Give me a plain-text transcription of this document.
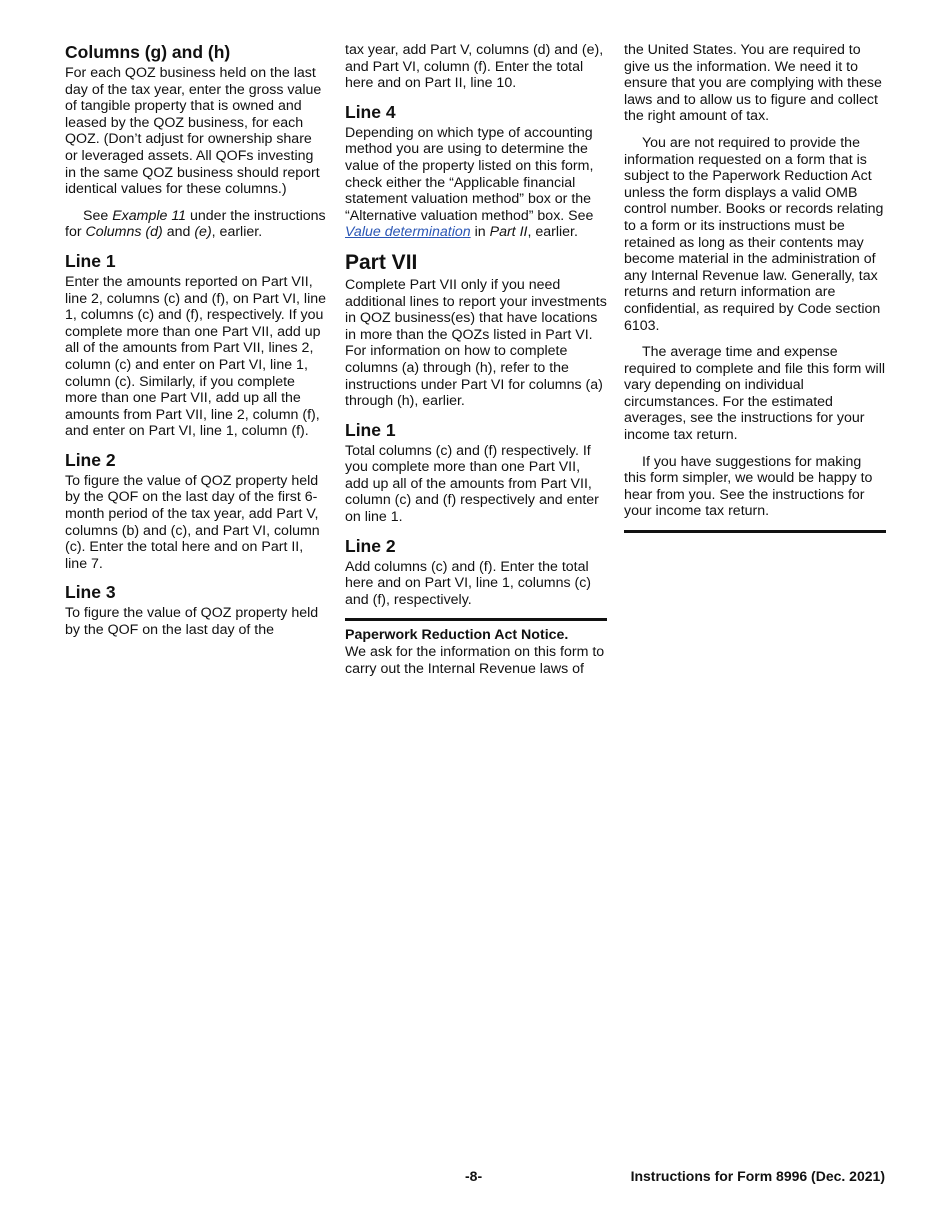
Columns (g) and (h)

For each QOZ business held on the last day of the tax year, enter the gross value of tangible property that is owned and leased by the QOZ business, for each QOZ. (Don’t adjust for ownership share or leveraged assets. All QOFs investing in the same QOZ business should report identical values for these columns.)

See Example 11 under the instructions for Columns (d) and (e), earlier.

Line 1

Enter the amounts reported on Part VII, line 2, columns (c) and (f), on Part VI, line 1, columns (c) and (f), respectively. If you complete more than one Part VII, add up all of the amounts from Part VII, lines 2, column (c) and enter on Part VI, line 1, column (c). Similarly, if you complete more than one Part VII, add up all the amounts from Part VII, line 2, column (f), and enter on Part VI, line 1, column (f).

Line 2

To figure the value of QOZ property held by the QOF on the last day of the first 6-month period of the tax year, add Part V, columns (b) and (c), and Part VI, column (c). Enter the total here and on Part II, line 7.

Line 3

To figure the value of QOZ property held by the QOF on the last day of the

tax year, add Part V, columns (d) and (e), and Part VI, column (f). Enter the total here and on Part II, line 10.

Line 4

Depending on which type of accounting method you are using to determine the value of the property listed on this form, check either the “Applicable financial statement valuation method” box or the “Alternative valuation method” box. See Value determination in Part II, earlier.

Part VII

Complete Part VII only if you need additional lines to report your investments in QOZ business(es) that have locations in more than the QOZs listed in Part VI. For information on how to complete columns (a) through (h), refer to the instructions under Part VI for columns (a) through (h), earlier.

Line 1

Total columns (c) and (f) respectively. If you complete more than one Part VII, add up all of the amounts from Part VII, column (c) and (f) respectively and enter on line 1.

Line 2

Add columns (c) and (f). Enter the total here and on Part VI, line 1, columns (c) and (f), respectively.

Paperwork Reduction Act Notice.
We ask for the information on this form to carry out the Internal Revenue laws of

the United States. You are required to give us the information. We need it to ensure that you are complying with these laws and to allow us to figure and collect the right amount of tax.

You are not required to provide the information requested on a form that is subject to the Paperwork Reduction Act unless the form displays a valid OMB control number. Books or records relating to a form or its instructions must be retained as long as their contents may become material in the administration of any Internal Revenue law. Generally, tax returns and return information are confidential, as required by Code section 6103.

The average time and expense required to complete and file this form will vary depending on individual circumstances. For the estimated averages, see the instructions for your income tax return.

If you have suggestions for making this form simpler, we would be happy to hear from you. See the instructions for your income tax return.

-8-	Instructions for Form 8996 (Dec. 2021)
